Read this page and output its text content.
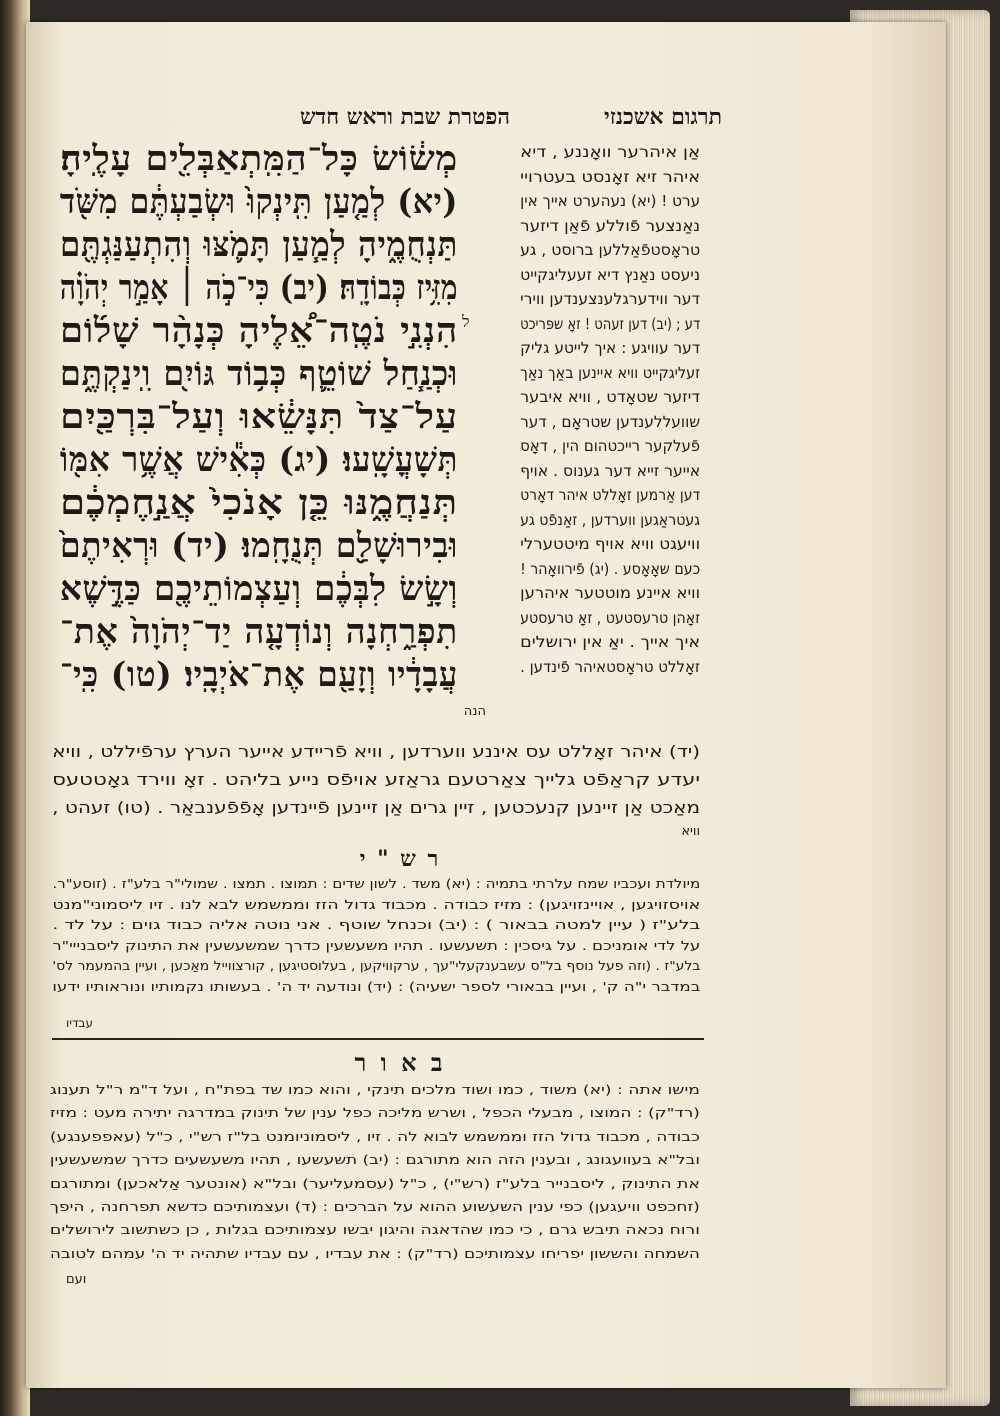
הפטרת שבת וראש חדש	תרגום אשכנזי
מְשׂ֔וֹשׂ כָּל־הַמִּֽתְאַבְּלִ֖ים עָלֶֽיהָ׃
(יא) לְמַ֤עַן תִּֽינְקוּ֙ וּשְׂבַעְתֶּ֔ם מִשֹּׁ֖ד
תַּנְחֻמֶ֑יהָ לְמַ֧עַן תָּמֹ֛צּוּ וְהִתְעַנַּגְתֶּ֖ם
מִזִּ֥יז כְּבוֹדָֽהּ׃ (יב) כִּי־כֹ֣ה ׀ אָמַ֣ר יְהֹוָ֗ה
הִנְנִ֣י נֹטֶֽה־אֵ֠לֶיהָ כְּנָהָ֨ר שָׁל֜וֹם
וּכְנַ֧חַל שׁוֹטֵ֛ף כְּב֥וֹד גּוֹיִ֖ם וִֽינַקְתֶּ֑ם
עַל־צַד֙ תִּנָּשֵׂ֔אוּ וְעַל־בִּרְכַּ֖יִם
תְּשָׁעֳשָֽׁעוּ׃ (יג) כְּאִ֕ישׁ אֲשֶׁ֥ר אִמּ֖וֹ
תְּנַחֲמֶ֑נּוּ כֵּ֤ן אָנֹכִי֙ אֲנַ֣חֶמְכֶ֔ם
וּבִירוּשָׁלִַ֖ם תְּנֻחָֽמוּ׃ (יד) וּרְאִיתֶם֙
וְשָׂ֣שׂ לִבְּכֶ֔ם וְעַצְמוֹתֵיכֶ֖ם כַּדֶּ֣שֶׁא
תִפְרַ֑חְנָה וְנוֹדְעָ֤ה יַד־יְהֹוָה֙ אֶת־
עֲבָדָ֔יו וְזָעַ֖ם אֶת־אֹיְבָֽיו׃ (טו) כִּֽי־
הנה
ל
אַן איהרער וואָננע , דיא
איהר זיא זאָנסט בעטרויי
ערט ! (יא) נעהערט אייך אין
נאַנצער פֿוללע פֿאַן דיזער
טראָסטפֿאַללען ברוסט , גע
ניעסט נאַנץ דיא זעעליגקייט
דער ווידערגלענצענדען ווירי
דע ; (יב) דען זעהט ! זאָ שפּריכט
דער עוויגע : איך לייטע גליק
זעליגקייט וויא איינען באַך נאַך
דיזער שטאָדט , וויא איבער
שוועללענדען שטראָם , דער
פֿעלקער רייכטהום הין , דאָס
אייער זייא דער גענוס . אויף
דען אַרמען זאָללט איהר דאָרט
געטראַגען ווערדען , זאַנפֿט גע
וויעגט וויא אויף מיטטערלי
כעם שאָאָסע . (יג) פֿירוואָהר !
וויא איינע מוטטער איהרען
זאָהן טרעסטעט , זאָ טרעסטע
איך אייך . יאַ אין ירושלים
זאָללט טראָסטאיהר פֿינדען .
(יד) איהר זאָללט עס איננע ווערדען , וויא פֿריידע אייער הערץ ערפֿיללט , וויא
יעדע קראַפֿט גלייך צאַרטעם גראַזע אויפֿס נייע בליהט . זאָ ווירד גאָטטעס
מאַכט אַן זיינען קנעכטען , זיין גרים אַן זיינען פֿיינדען אָפֿפֿענבאַר . (טו) זעהט ,
וויא
ר ש " י
מיולדת ועכביו שמח עלרתי בתמיה : (יא) משד . לשון שדים : תמוצו . תמצו . שמולי"ר בלע"ז . (זוסע"ר.
אויסזויגען , אויינזויגען) : מזיז כבודה . מכבוד גדול הזז וממשמש לבא לנו . זיו ליסמוני"מנט
בלע"ז ( עיין למטה בבאור ) : (יב) וכנחל שוטף . אני נוטה אליה כבוד גוים : על לד .
על לדי אומניכם . על גיסכין : תשעשעו . תהיו משעשעין כדרך שמשעשעין את התינוק ליסבנייי"ר
בלע"ז . (וזה פעל נוסף בל"ס עשבענקעלי"עך , ערקוויקען , בעלוסטיגען , קורצווייל מאַכען , ועיין בהמעמר לס'
במדבר י"ה ק' , ועיין בבאורי לספר ישעיה) : (יד) ונודעה יד ה' . בעשותו נקמותיו ונוראותיו ידעו
עבדיו
ב א ו ר
מישו אתה : (יא) משוד , כמו ושוד מלכים תינקי , והוא כמו שד בפת"ח , ועל ד"מ ר"ל תענוג
(רד"ק) : המוצו , מבעלי הכפל , ושרש מליכה כפל ענין של תינוק במדרגה יתירה מעט : מזיז
כבודה , מכבוד גדול הזז וממשמש לבוא לה . זיו , ליסמוניומנט בל"ז רש"י , כ"ל (עאפפענגע)
ובל"א בעוועגונג , ובענין הזה הוא מתורגם : (יב) תשעשעו , תהיו משעשעים כדרך שמשעשעין
את התינוק , ליסבנייר בלע"ז (רש"י) , כ"ל (עסמעליער) ובל"א (אונטער אַלאכען) ומתורגם
(זחכפט וויעגען) כפי ענין השעשוע ההוא על הברכים : (ד) ועצמותיכם כדשא תפרחנה , היפך
ורוח נכאה תיבש גרם , כי כמו שהדאגה והיגון יבשו עצמותיכם בגלות , כן כשתשוב לירושלים
השמחה והששון יפריחו עצמותיכם (רד"ק) : את עבדיו , עם עבדיו שתהיה יד ה' עמהם לטובה
ועם
